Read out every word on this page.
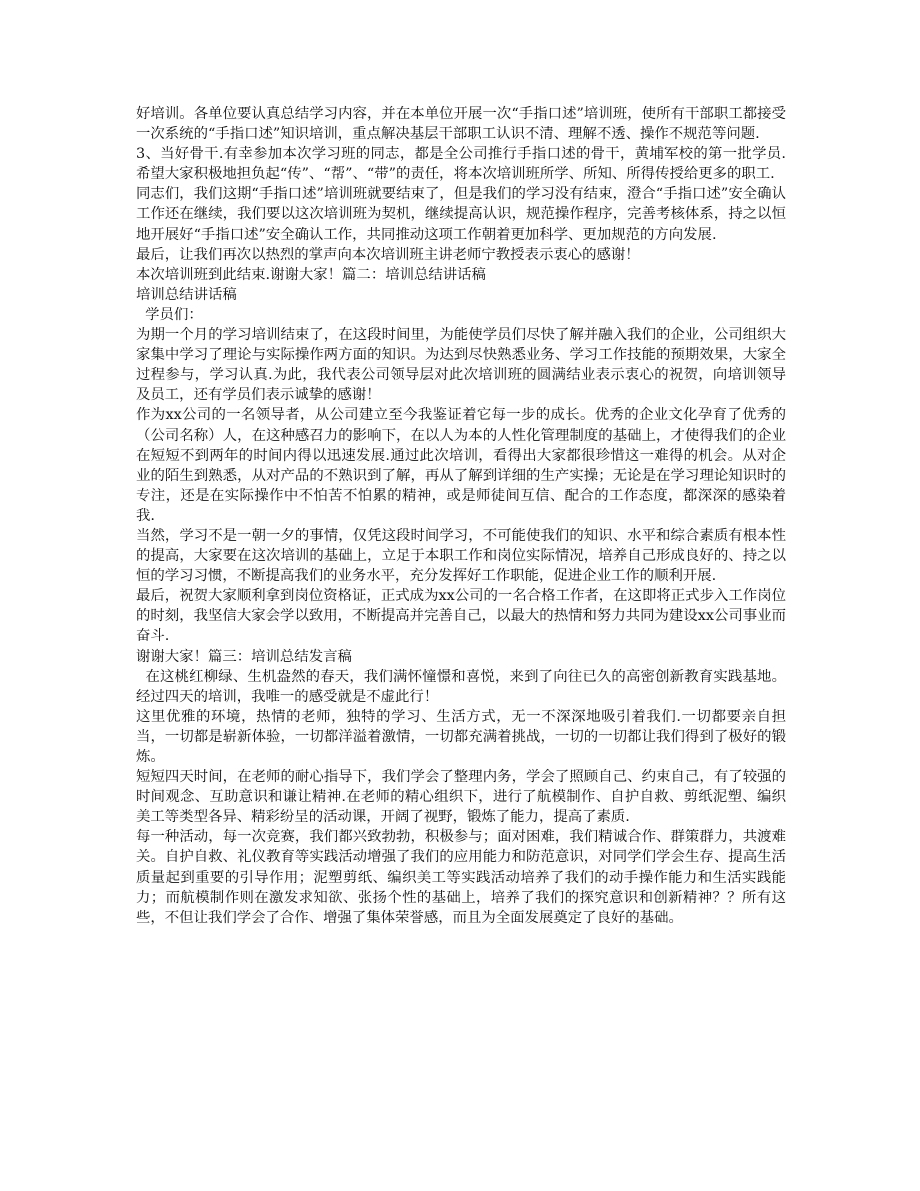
好培训。各单位要认真总结学习内容，并在本单位开展一次“手指口述”培训班，使所有干部职工都接受一次系统的“手指口述”知识培训，重点解决基层干部职工认识不清、理解不透、操作不规范等问题.

3、当好骨干.有幸参加本次学习班的同志，都是全公司推行手指口述的骨干，黄埔军校的第一批学员.希望大家积极地担负起“传”、“帮”、“带”的责任，将本次培训班所学、所知、所得传授给更多的职工.

同志们，我们这期“手指口述”培训班就要结束了，但是我们的学习没有结束，澄合“手指口述”安全确认工作还在继续，我们要以这次培训班为契机，继续提高认识，规范操作程序，完善考核体系，持之以恒地开展好“手指口述”安全确认工作，共同推动这项工作朝着更加科学、更加规范的方向发展.

最后，让我们再次以热烈的掌声向本次培训班主讲老师宁教授表示衷心的感谢！

本次培训班到此结束.谢谢大家！篇二：培训总结讲话稿

培训总结讲话稿

学员们：

为期一个月的学习培训结束了，在这段时间里，为能使学员们尽快了解并融入我们的企业，公司组织大家集中学习了理论与实际操作两方面的知识。为达到尽快熟悉业务、学习工作技能的预期效果，大家全过程参与，学习认真.为此，我代表公司领导层对此次培训班的圆满结业表示衷心的祝贺，向培训领导及员工，还有学员们表示诚挚的感谢！

作为xx公司的一名领导者，从公司建立至今我鉴证着它每一步的成长。优秀的企业文化孕育了优秀的（公司名称）人，在这种感召力的影响下，在以人为本的人性化管理制度的基础上，才使得我们的企业在短短不到两年的时间内得以迅速发展.通过此次培训，看得出大家都很珍惜这一难得的机会。从对企业的陌生到熟悉，从对产品的不熟识到了解，再从了解到详细的生产实操；无论是在学习理论知识时的专注，还是在实际操作中不怕苦不怕累的精神，或是师徒间互信、配合的工作态度，都深深的感染着我.

当然，学习不是一朝一夕的事情，仅凭这段时间学习，不可能使我们的知识、水平和综合素质有根本性的提高，大家要在这次培训的基础上，立足于本职工作和岗位实际情况，培养自己形成良好的、持之以恒的学习习惯，不断提高我们的业务水平，充分发挥好工作职能，促进企业工作的顺利开展.

最后，祝贺大家顺利拿到岗位资格证，正式成为xx公司的一名合格工作者，在这即将正式步入工作岗位的时刻，我坚信大家会学以致用，不断提高并完善自己，以最大的热情和努力共同为建设xx公司事业而奋斗.

谢谢大家！篇三：培训总结发言稿

在这桃红柳绿、生机盎然的春天，我们满怀憧憬和喜悦，来到了向往已久的高密创新教育实践基地。经过四天的培训，我唯一的感受就是不虚此行！

这里优雅的环境，热情的老师，独特的学习、生活方式，无一不深深地吸引着我们.一切都要亲自担当，一切都是崭新体验，一切都洋溢着激情，一切都充满着挑战，一切的一切都让我们得到了极好的锻炼。

短短四天时间，在老师的耐心指导下，我们学会了整理内务，学会了照顾自己、约束自己，有了较强的时间观念、互助意识和谦让精神.在老师的精心组织下，进行了航模制作、自护自救、剪纸泥塑、编织美工等类型各异、精彩纷呈的活动课，开阔了视野，锻炼了能力，提高了素质.

每一种活动，每一次竞赛，我们都兴致勃勃，积极参与；面对困难，我们精诚合作、群策群力，共渡难关。自护自救、礼仪教育等实践活动增强了我们的应用能力和防范意识，对同学们学会生存、提高生活质量起到重要的引导作用；泥塑剪纸、编织美工等实践活动培养了我们的动手操作能力和生活实践能力；而航模制作则在激发求知欲、张扬个性的基础上，培养了我们的探究意识和创新精神？？所有这些，不但让我们学会了合作、增强了集体荣誉感，而且为全面发展奠定了良好的基础。
